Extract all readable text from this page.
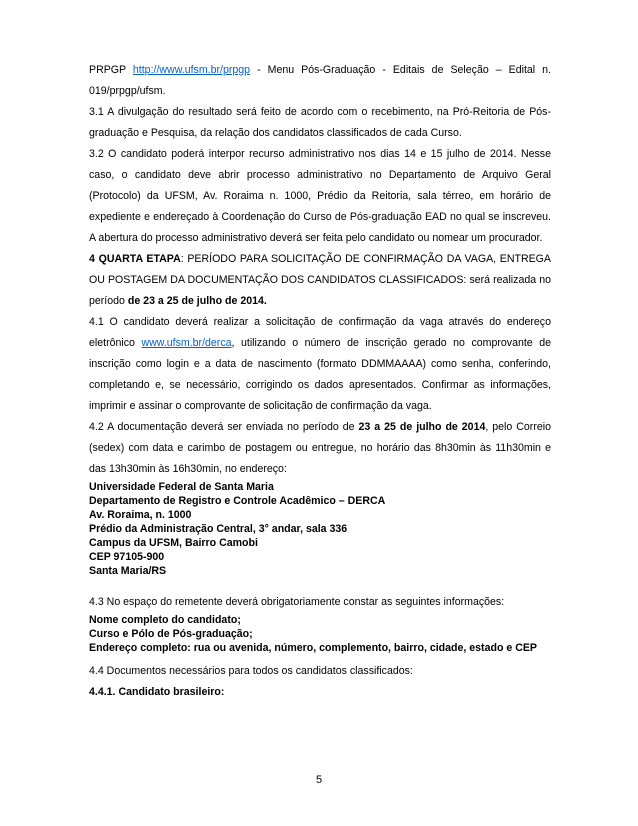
PRPGP http://www.ufsm.br/prpgp - Menu Pós-Graduação - Editais de Seleção – Edital n. 019/prpgp/ufsm.

3.1 A divulgação do resultado será feito de acordo com o recebimento, na Pró-Reitoria de Pós-graduação e Pesquisa, da relação dos candidatos classificados de cada Curso.

3.2 O candidato poderá interpor recurso administrativo nos dias 14 e 15 julho de 2014. Nesse caso, o candidato deve abrir processo administrativo no Departamento de Arquivo Geral (Protocolo) da UFSM, Av. Roraima n. 1000, Prédio da Reitoria, sala térreo, em horário de expediente e endereçado à Coordenação do Curso de Pós-graduação EAD no qual se inscreveu. A abertura do processo administrativo deverá ser feita pelo candidato ou nomear um procurador.

4 QUARTA ETAPA: PERÍODO PARA SOLICITAÇÃO DE CONFIRMAÇÃO DA VAGA, ENTREGA OU POSTAGEM DA DOCUMENTAÇÃO DOS CANDIDATOS CLASSIFICADOS: será realizada no período de 23 a 25 de julho de 2014.

4.1 O candidato deverá realizar a solicitação de confirmação da vaga através do endereço eletrônico www.ufsm.br/derca, utilizando o número de inscrição gerado no comprovante de inscrição como login e a data de nascimento (formato DDMMAAAA) como senha, conferindo, completando e, se necessário, corrigindo os dados apresentados. Confirmar as informações, imprimir e assinar o comprovante de solicitação de confirmação da vaga.

4.2 A documentação deverá ser enviada no período de 23 a 25 de julho de 2014, pelo Correio (sedex) com data e carimbo de postagem ou entregue, no horário das 8h30min às 11h30min e das 13h30min às 16h30min, no endereço:

Universidade Federal de Santa Maria

Departamento de Registro e Controle Acadêmico – DERCA

Av. Roraima, n. 1000

Prédio da Administração Central, 3° andar, sala 336

Campus da UFSM, Bairro Camobi

CEP 97105-900

Santa Maria/RS

4.3 No espaço do remetente deverá obrigatoriamente constar as seguintes informações:

Nome completo do candidato;

Curso e Pólo de Pós-graduação;

Endereço completo: rua ou avenida, número, complemento, bairro, cidade, estado e CEP

4.4 Documentos necessários para todos os candidatos classificados:

4.4.1. Candidato brasileiro:

5
